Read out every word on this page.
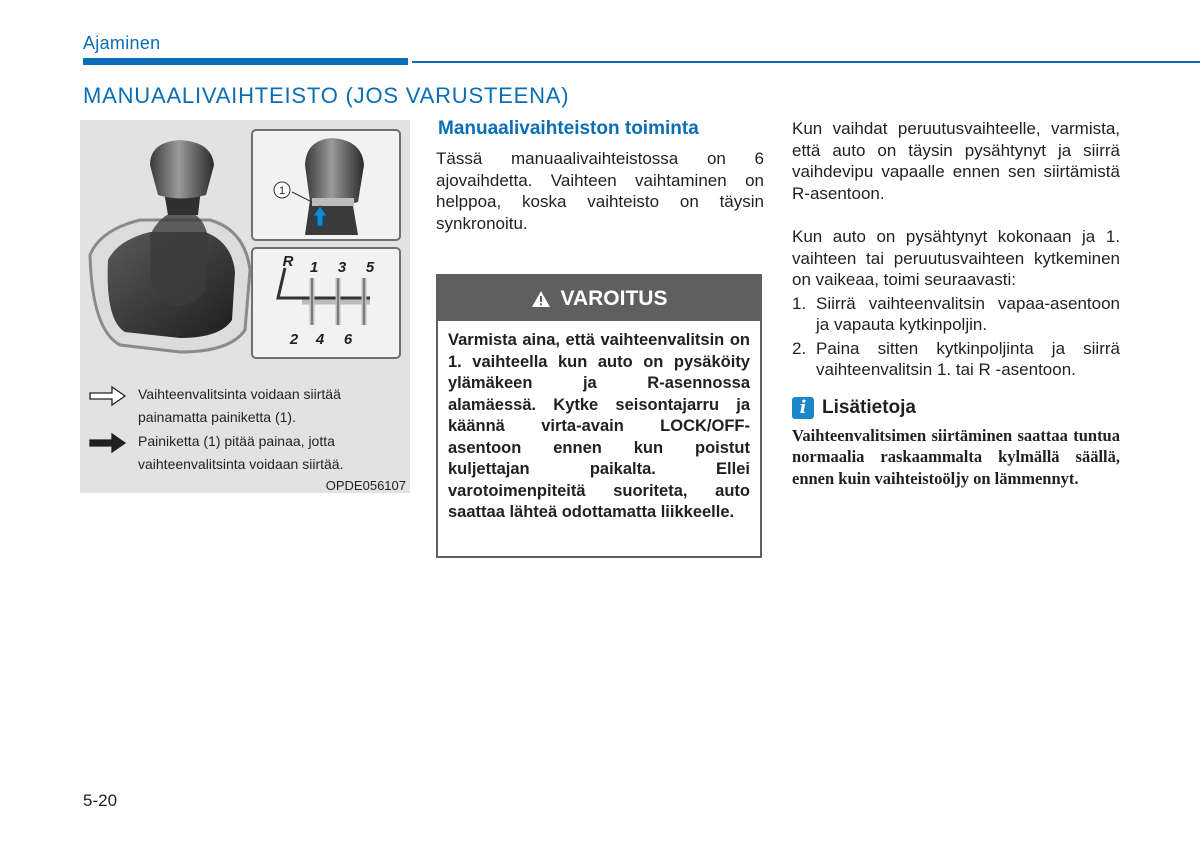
Ajaminen
MANUAALIVAIHTEISTO (JOS VARUSTEENA)
1
R 1 3 5
2 4 6
Vaihteenvalitsinta voidaan siirtää painamatta painiketta (1).
Painiketta (1) pitää painaa, jotta vaihteenvalitsinta voidaan siirtää.
OPDE056107
Manuaalivaihteiston toiminta
Tässä manuaalivaihteistossa on 6 ajovaihdetta. Vaihteen vaihtaminen on helppoa, koska vaihteisto on täysin synkronoitu.
VAROITUS
Varmista aina, että vaihteenvalitsin on 1. vaihteella kun auto on pysäköity ylämäkeen ja R-asennossa alamäessä. Kytke seisontajarru ja käännä virta-avain LOCK/OFF-asentoon ennen kun poistut kuljettajan paikalta. Ellei varotoimenpiteitä suoriteta, auto saattaa lähteä odottamatta liikkeelle.
Kun vaihdat peruutusvaihteelle, varmista, että auto on täysin pysähtynyt ja siirrä vaihdevipu vapaalle ennen sen siirtämistä R-asentoon.
Kun auto on pysähtynyt kokonaan ja 1. vaihteen tai peruutusvaihteen kytkeminen on vaikeaa, toimi seuraavasti:
1. Siirrä vaihteenvalitsin vapaa-asentoon ja vapauta kytkinpoljin.
2. Paina sitten kytkinpoljinta ja siirrä vaihteenvalitsin 1. tai R -asentoon.
i Lisätietoja
Vaihteenvalitsimen siirtäminen saattaa tuntua normaalia raskaammalta kylmällä säällä, ennen kuin vaihteistoöljy on lämmennyt.
5-20
